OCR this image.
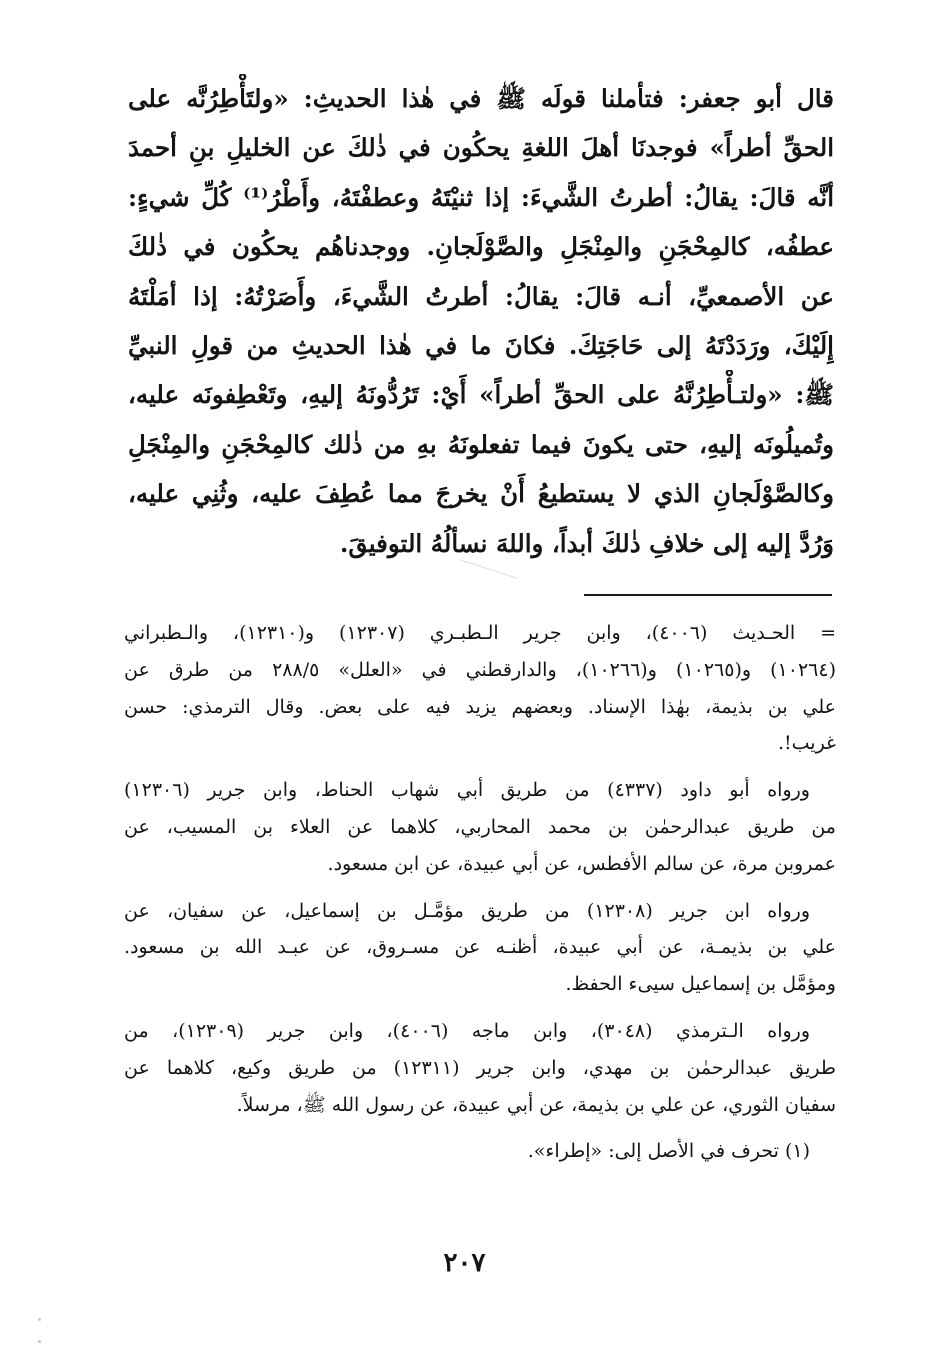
قال أبو جعفر: فتأملنا قولَه ﷺ في هٰذا الحديثِ: «ولتَأْطِرُنَّه على
الحقِّ أطراً» فوجدنَا أهلَ اللغةِ يحكُون في ذٰلكَ عن الخليلِ بنِ أحمدَ
أنَّه قالَ: يقالُ: أطرتُ الشَّيءَ: إذا ثنيْتَهُ وعطفْتَهُ، وأَطْرُ⁽¹⁾ كُلِّ شيءٍ:
عطفُه، كالمِحْجَنِ والمِنْجَلِ والصَّوْلَجانِ. ووجدناهُم يحكُون في ذٰلكَ
عن الأصمعيِّ، أنـه قالَ: يقالُ: أطرتُ الشَّيءَ، وأَصَرْتُهُ: إذا أمَلْتَهُ
إِلَيْكَ، ورَدَدْتَهُ إلى حَاجَتِكَ. فكانَ ما في هٰذا الحديثِ من قولِ النبيِّ
ﷺ: «ولتـأْطِرُنَّهُ على الحقِّ أطراً» أَيْ: تَرُدُّونَهُ إليهِ، وتَعْطِفونَه عليه،
وتُميلُونَه إليهِ، حتى يكونَ فيما تفعلونَهُ بهِ من ذٰلك كالمِحْجَنِ والمِنْجَلِ
وكالصَّوْلَجانِ الذي لا يستطيعُ أَنْ يخرجَ مما عُطِفَ عليه، وثُنِي عليه،
وَرُدَّ إليه إلى خلافِ ذٰلكَ أبداً، واللهَ نسألُهُ التوفيقَ.
= الحـديث (٤٠٠٦)، وابن جرير الـطبـري (١٢٣٠٧) و(١٢٣١٠)، والـطبراني
(١٠٢٦٤) و(١٠٢٦٥) و(١٠٢٦٦)، والدارقطني في «العلل» ٢٨٨/٥ من طرق عن
علي بن بذيمة، بهٰذا الإسناد. وبعضهم يزيد فيه على بعض. وقال الترمذي: حسن
غريب!.
ورواه أبو داود (٤٣٣٧) من طريق أبي شهاب الحناط، وابن جرير (١٢٣٠٦)
من طريق عبدالرحمٰن بن محمد المحاربي، كلاهما عن العلاء بن المسيب، عن
عمروبن مرة، عن سالم الأفطس، عن أبي عبيدة، عن ابن مسعود.
ورواه ابن جرير (١٢٣٠٨) من طريق مؤمَّـل بن إسماعيل، عن سفيان، عن
علي بن بذيمـة، عن أبي عبيدة، أظنـه عن مسـروق، عن عبـد الله بن مسعود.
ومؤمَّل بن إسماعيل سيىء الحفظ.
ورواه الـترمذي (٣٠٤٨)، وابن ماجه (٤٠٠٦)، وابن جرير (١٢٣٠٩)، من
طريق عبدالرحمٰن بن مهدي، وابن جرير (١٢٣١١) من طريق وكيع، كلاهما عن
سفيان الثوري، عن علي بن بذيمة، عن أبي عبيدة، عن رسول الله ﷺ، مرسلاً.
(١) تحرف في الأصل إلى: «إطراء».
٢٠٧
